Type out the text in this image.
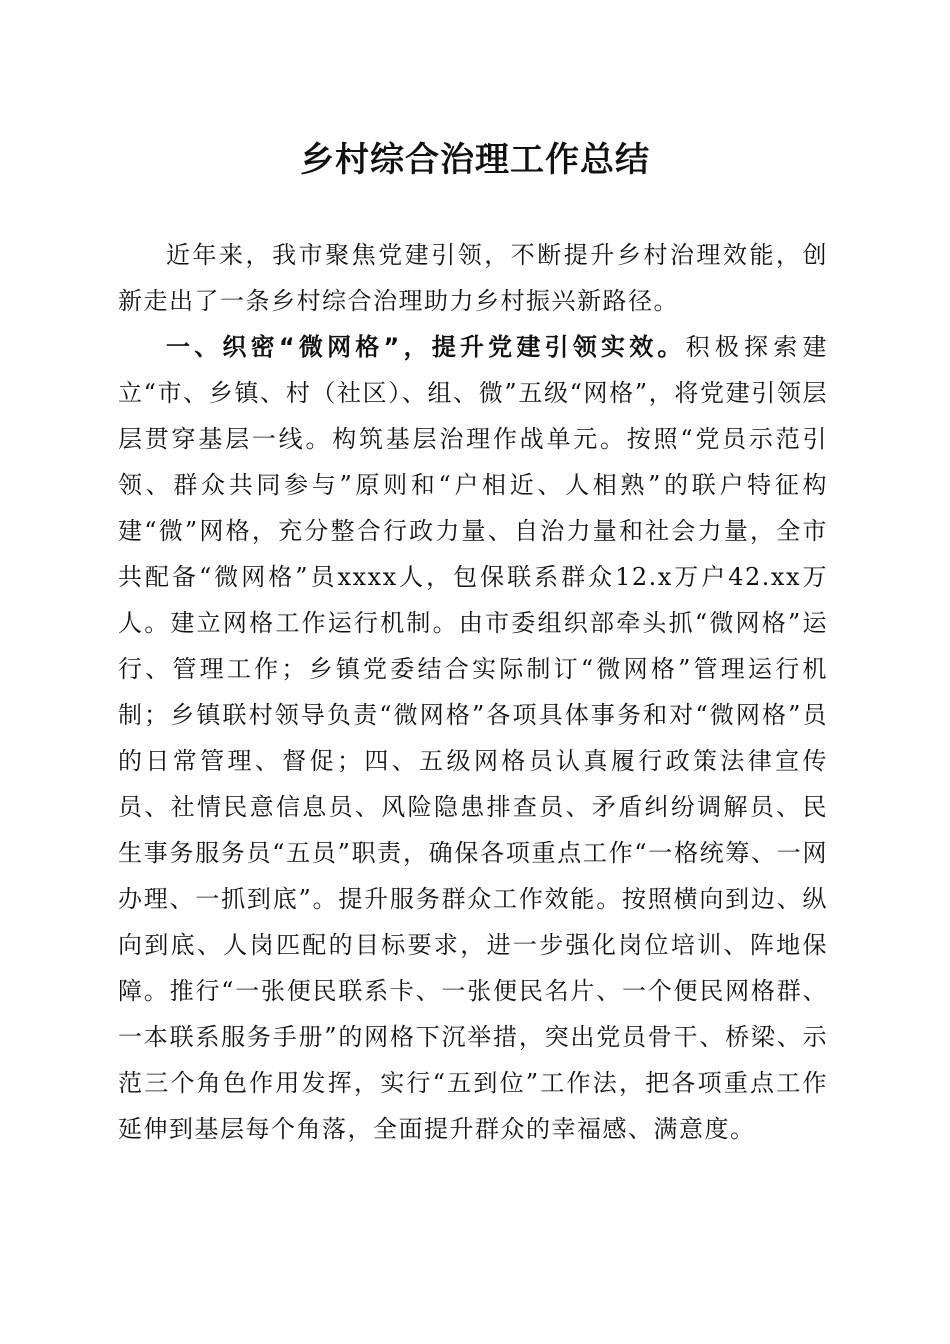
乡村综合治理工作总结

近年来，我市聚焦党建引领，不断提升乡村治理效能，创新走出了一条乡村综合治理助力乡村振兴新路径。

一、织密“微网格”，提升党建引领实效。积极探索建立“市、乡镇、村（社区）、组、微”五级“网格”，将党建引领层层贯穿基层一线。构筑基层治理作战单元。按照“党员示范引领、群众共同参与”原则和“户相近、人相熟”的联户特征构建“微”网格，充分整合行政力量、自治力量和社会力量，全市共配备“微网格”员xxxx人，包保联系群众12.x万户42.xx万人。建立网格工作运行机制。由市委组织部牵头抓“微网格”运行、管理工作；乡镇党委结合实际制订“微网格”管理运行机制；乡镇联村领导负责“微网格”各项具体事务和对“微网格”员的日常管理、督促；四、五级网格员认真履行政策法律宣传员、社情民意信息员、风险隐患排查员、矛盾纠纷调解员、民生事务服务员“五员”职责，确保各项重点工作“一格统筹、一网办理、一抓到底”。提升服务群众工作效能。按照横向到边、纵向到底、人岗匹配的目标要求，进一步强化岗位培训、阵地保障。推行“一张便民联系卡、一张便民名片、一个便民网格群、一本联系服务手册”的网格下沉举措，突出党员骨干、桥梁、示范三个角色作用发挥，实行“五到位”工作法，把各项重点工作延伸到基层每个角落，全面提升群众的幸福感、满意度。
